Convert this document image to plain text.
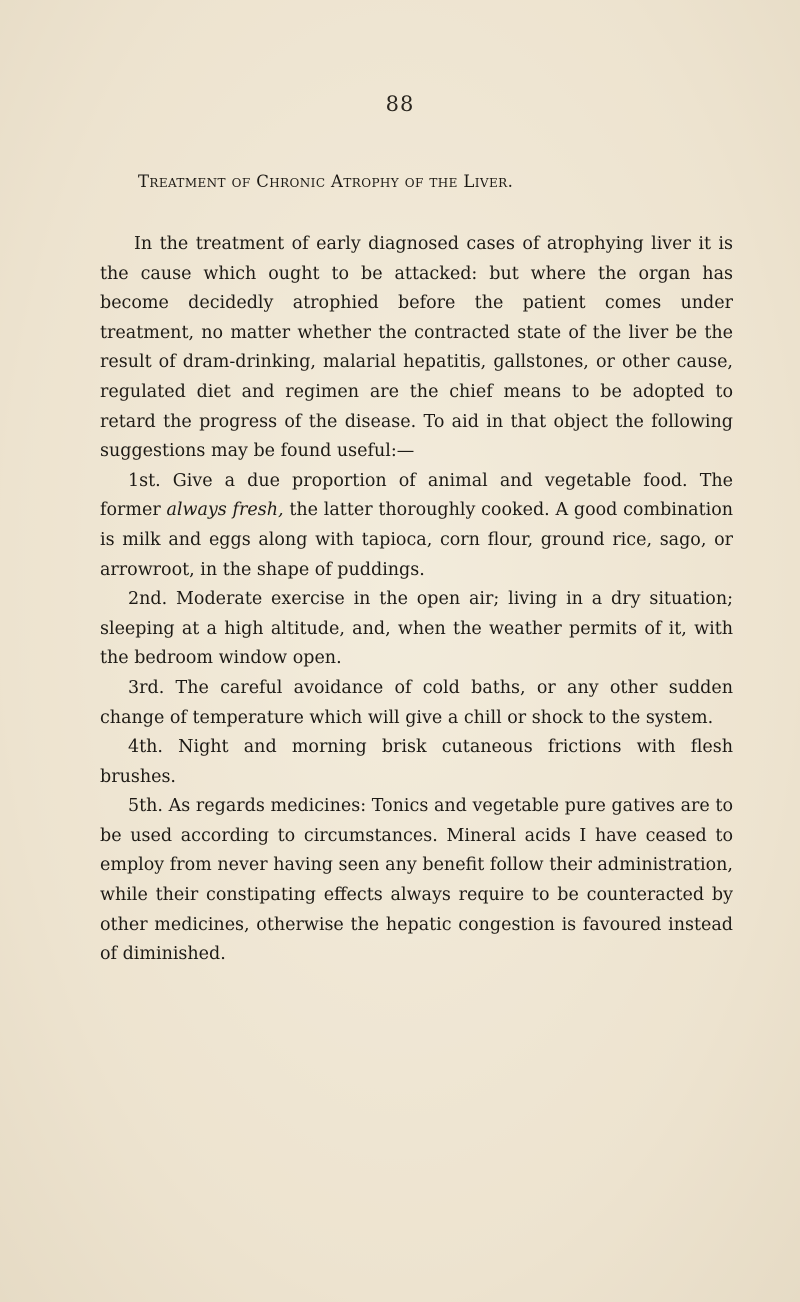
88
Treatment of Chronic Atrophy of the Liver.

In the treatment of early diagnosed cases of atrophying liver it is the cause which ought to be attacked: but where the organ has become decidedly atrophied before the patient comes under treatment, no matter whether the contracted state of the liver be the result of dram-drinking, malarial hepatitis, gallstones, or other cause, regulated diet and regimen are the chief means to be adopted to retard the progress of the disease. To aid in that object the following suggestions may be found useful:—

1st. Give a due proportion of animal and vegetable food. The former always fresh, the latter thoroughly cooked. A good combination is milk and eggs along with tapioca, corn flour, ground rice, sago, or arrowroot, in the shape of puddings.

2nd. Moderate exercise in the open air; living in a dry situation; sleeping at a high altitude, and, when the weather permits of it, with the bedroom window open.

3rd. The careful avoidance of cold baths, or any other sudden change of temperature which will give a chill or shock to the system.

4th. Night and morning brisk cutaneous frictions with flesh brushes.

5th. As regards medicines: Tonics and vegetable pure gatives are to be used according to circumstances. Mineral acids I have ceased to employ from never having seen any benefit follow their administration, while their constipating effects always require to be counteracted by other medicines, otherwise the hepatic congestion is favoured instead of diminished.
